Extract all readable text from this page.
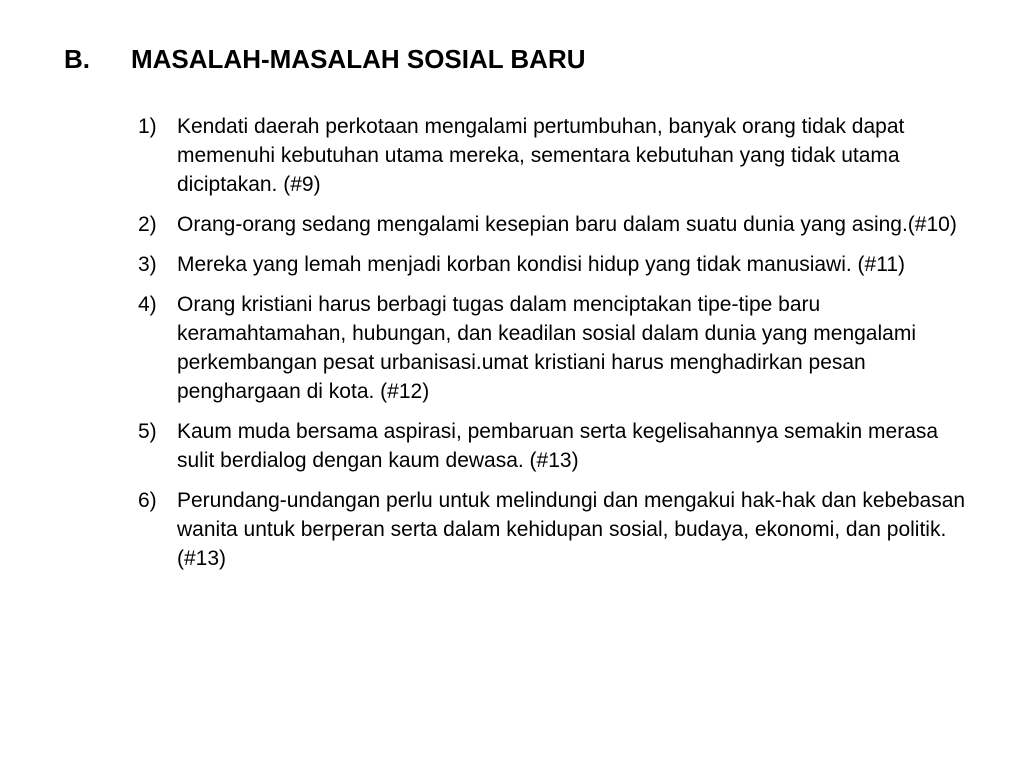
B. MASALAH-MASALAH SOSIAL BARU
1) Kendati daerah perkotaan mengalami pertumbuhan, banyak orang tidak dapat memenuhi kebutuhan utama mereka, sementara kebutuhan yang tidak utama diciptakan. (#9)
2) Orang-orang sedang mengalami kesepian baru dalam suatu dunia yang asing.(#10)
3) Mereka yang lemah menjadi korban kondisi hidup yang tidak manusiawi. (#11)
4) Orang kristiani harus berbagi tugas dalam menciptakan tipe-tipe baru keramahtamahan, hubungan, dan keadilan sosial dalam dunia yang mengalami perkembangan pesat urbanisasi.umat kristiani harus menghadirkan pesan penghargaan di kota. (#12)
5) Kaum muda bersama aspirasi, pembaruan serta kegelisahannya semakin merasa sulit berdialog dengan kaum dewasa. (#13)
6) Perundang-undangan perlu untuk melindungi dan mengakui hak-hak dan kebebasan wanita untuk berperan serta dalam kehidupan sosial, budaya, ekonomi, dan politik. (#13)
